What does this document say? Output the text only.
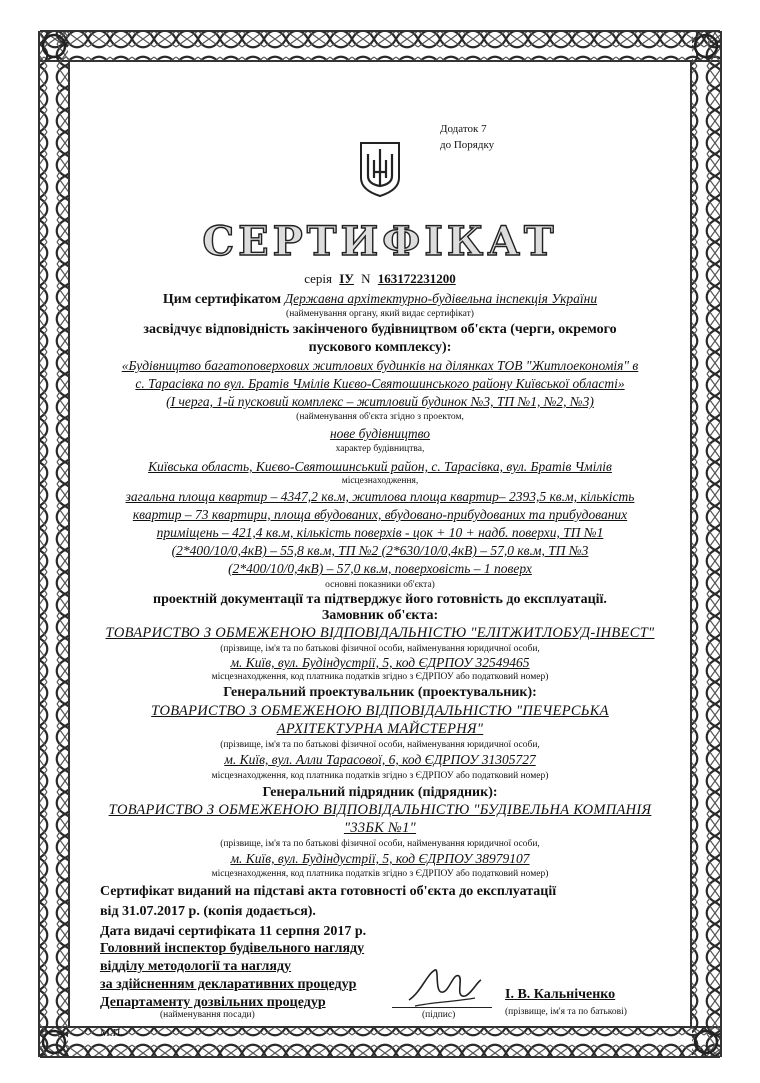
Додаток 7
до Порядку
СЕРТИФІКАТ
серія IУ N 163172231200
Цим сертифікатом Державна архітектурно-будівельна інспекція України
(найменування органу, який видає сертифікат)
засвідчує відповідність закінченого будівництвом об'єкта (черги, окремого
пускового комплексу):
«Будівництво багатоповерхових житлових будинків на ділянках ТОВ "Житлоекономія" в
с. Тарасівка по вул. Братів Чмілів Києво-Святошинського району Київської області»
(I черга, 1-й пусковий комплекс – житловий будинок №3, ТП №1, №2, №3)
(найменування об'єкта згідно з проектом,
нове будівництво
характер будівництва,
Київська область, Києво-Святошинський район, с. Тарасівка, вул. Братів Чмілів
місцезнаходження,
загальна площа квартир – 4347,2 кв.м, житлова площа квартир– 2393,5 кв.м, кількість
квартир – 73 квартири, площа вбудованих, вбудовано-прибудованих та прибудованих
приміщень – 421,4 кв.м, кількість поверхів - цок + 10 + надб. поверхи, ТП №1
(2*400/10/0,4кВ) – 55,8 кв.м, ТП №2 (2*630/10/0,4кВ) – 57,0 кв.м, ТП №3
(2*400/10/0,4кВ) – 57,0 кв.м, поверховість – 1 поверх
основні показники об'єкта)
проектній документації та підтверджує його готовність до експлуатації.
Замовник об'єкта:
ТОВАРИСТВО З ОБМЕЖЕНОЮ ВІДПОВІДАЛЬНІСТЮ "ЕЛІТЖИТЛОБУД-ІНВЕСТ"
(прізвище, ім'я та по батькові фізичної особи, найменування юридичної особи,
м. Київ, вул. Будіндустрії, 5, код ЄДРПОУ 32549465
місцезнаходження, код платника податків згідно з ЄДРПОУ або податковий номер)
Генеральний проектувальник (проектувальник):
ТОВАРИСТВО З ОБМЕЖЕНОЮ ВІДПОВІДАЛЬНІСТЮ "ПЕЧЕРСЬКА
АРХІТЕКТУРНА МАЙСТЕРНЯ"
(прізвище, ім'я та по батькові фізичної особи, найменування юридичної особи,
м. Київ, вул. Алли Тарасової, 6, код ЄДРПОУ 31305727
місцезнаходження, код платника податків згідно з ЄДРПОУ або податковий номер)
Генеральний підрядник (підрядник):
ТОВАРИСТВО З ОБМЕЖЕНОЮ ВІДПОВІДАЛЬНІСТЮ "БУДІВЕЛЬНА КОМПАНІЯ
"33БК №1"
(прізвище, ім'я та по батькові фізичної особи, найменування юридичної особи,
м. Київ, вул. Будіндустрії, 5, код ЄДРПОУ 38979107
місцезнаходження, код платника податків згідно з ЄДРПОУ або податковий номер)
Сертифікат виданий на підставі акта готовності об'єкта до експлуатації
від 31.07.2017 р. (копія додається).
Дата видачі сертифіката 11 серпня 2017 р.
Головний інспектор будівельного нагляду
відділу методології та нагляду
за здійсненням декларативних процедур
Департаменту дозвільних процедур
(найменування посади)	(підпис)
І. В. Кальніченко
(прізвище, ім'я та по батькові)
М.П.
